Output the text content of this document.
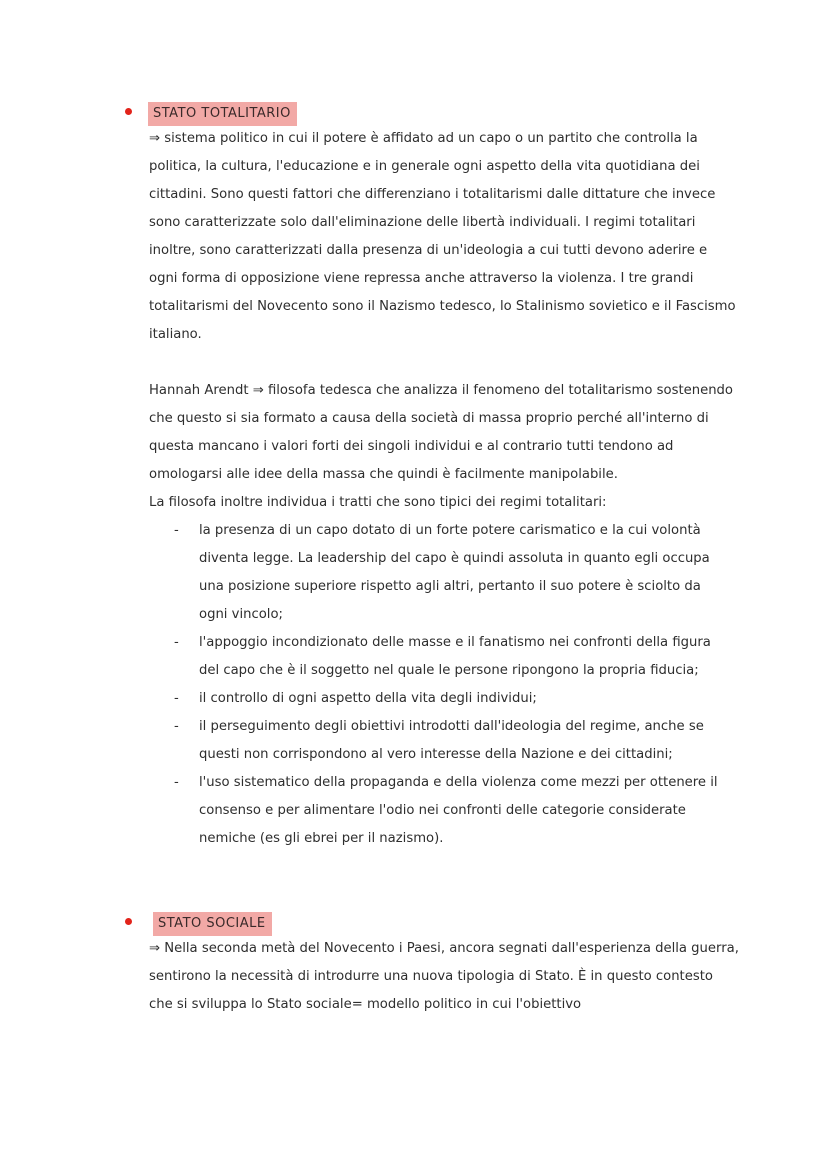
STATO TOTALITARIO

⇒ sistema politico in cui il potere è affidato ad un capo o un partito che controlla la politica, la cultura, l'educazione e in generale ogni aspetto della vita quotidiana dei cittadini. Sono questi fattori che differenziano i totalitarismi dalle dittature che invece sono caratterizzate solo dall'eliminazione delle libertà individuali. I regimi totalitari inoltre, sono caratterizzati dalla presenza di un'ideologia a cui tutti devono aderire e ogni forma di opposizione viene repressa anche attraverso la violenza. I tre grandi totalitarismi del Novecento sono il Nazismo tedesco, lo Stalinismo sovietico e il Fascismo italiano.

Hannah Arendt ⇒ filosofa tedesca che analizza il fenomeno del totalitarismo sostenendo che questo si sia formato a causa della società di massa proprio perché all'interno di questa mancano i valori forti dei singoli individui e al contrario tutti tendono ad omologarsi alle idee della massa che quindi è facilmente manipolabile.

La filosofa inoltre individua i tratti che sono tipici dei regimi totalitari:

- la presenza di un capo dotato di un forte potere carismatico e la cui volontà diventa legge. La leadership del capo è quindi assoluta in quanto egli occupa una posizione superiore rispetto agli altri, pertanto il suo potere è sciolto da ogni vincolo;
- l'appoggio incondizionato delle masse e il fanatismo nei confronti della figura del capo che è il soggetto nel quale le persone ripongono la propria fiducia;
- il controllo di ogni aspetto della vita degli individui;
- il perseguimento degli obiettivi introdotti dall'ideologia del regime, anche se questi non corrispondono al vero interesse della Nazione e dei cittadini;
- l'uso sistematico della propaganda e della violenza come mezzi per ottenere il consenso e per alimentare l'odio nei confronti delle categorie considerate nemiche (es gli ebrei per il nazismo).
STATO SOCIALE

⇒ Nella seconda metà del Novecento i Paesi, ancora segnati dall'esperienza della guerra, sentirono la necessità di introdurre una nuova tipologia di Stato. È in questo contesto che si sviluppa lo Stato sociale= modello politico in cui l'obiettivo
